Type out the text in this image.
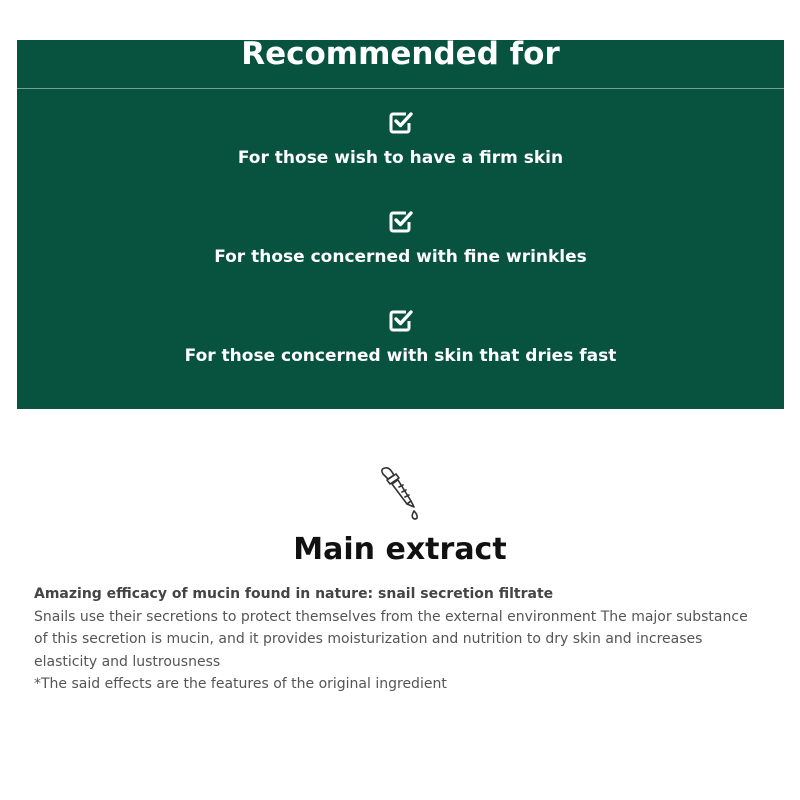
Recommended for
For those wish to have a firm skin
For those concerned with fine wrinkles
For those concerned with skin that dries fast
Main extract
Amazing efficacy of mucin found in nature: snail secretion filtrate
Snails use their secretions to protect themselves from the external environment The major substance of this secretion is mucin, and it provides moisturization and nutrition to dry skin and increases elasticity and lustrousness
*The said effects are the features of the original ingredient
